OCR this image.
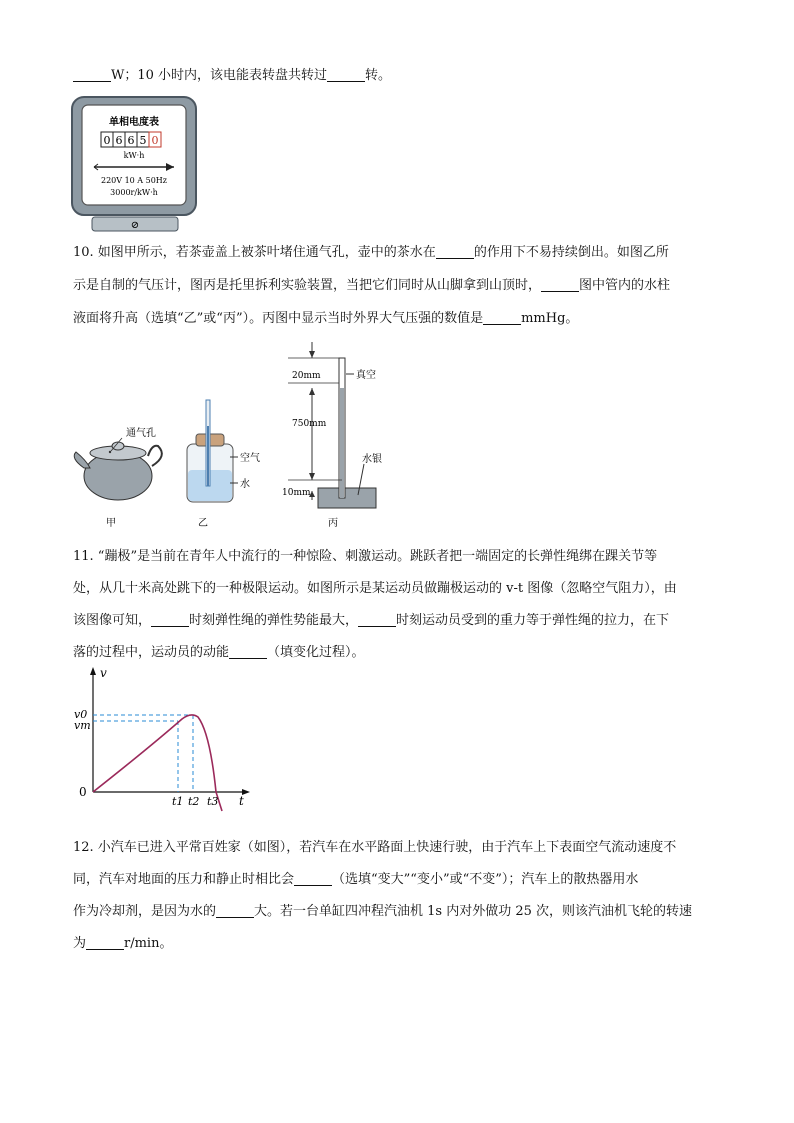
W；10 小时内，该电能表转盘共转过	转。
单相电度表
0 6 6 5 0
kW·h
220V 10 A 50Hz
3000r/kW·h
⊘
10. 如图甲所示，若茶壶盖上被茶叶堵住通气孔，壶中的茶水在	的作用下不易持续倒出。如图乙所
示是自制的气压计，图丙是托里拆利实验装置，当把它们同时从山脚拿到山顶时，	图中管内的水柱
液面将升高（选填“乙”或“丙”）。丙图中显示当时外界大气压强的数值是	mmHg。
通气孔
甲
空气
水
乙
20mm
750mm
10mm
真空
水银
丙
11. “蹦极”是当前在青年人中流行的一种惊险、刺激运动。跳跃者把一端固定的长弹性绳绑在踝关节等
处，从几十米高处跳下的一种极限运动。如图所示是某运动员做蹦极运动的 v-t 图像（忽略空气阻力），由
该图像可知，	时刻弹性绳的弹性势能最大，	时刻运动员受到的重力等于弹性绳的拉力，在下
落的过程中，运动员的动能	（填变化过程）。
v
t
v0
vm
0
t1 t2 t3
12. 小汽车已进入平常百姓家（如图），若汽车在水平路面上快速行驶，由于汽车上下表面空气流动速度不
同，汽车对地面的压力和静止时相比会	（选填“变大”“变小”或“不变”）；汽车上的散热器用水
作为冷却剂，是因为水的	大。若一台单缸四冲程汽油机 1s 内对外做功 25 次，则该汽油机飞轮的转速
为	r/min。
